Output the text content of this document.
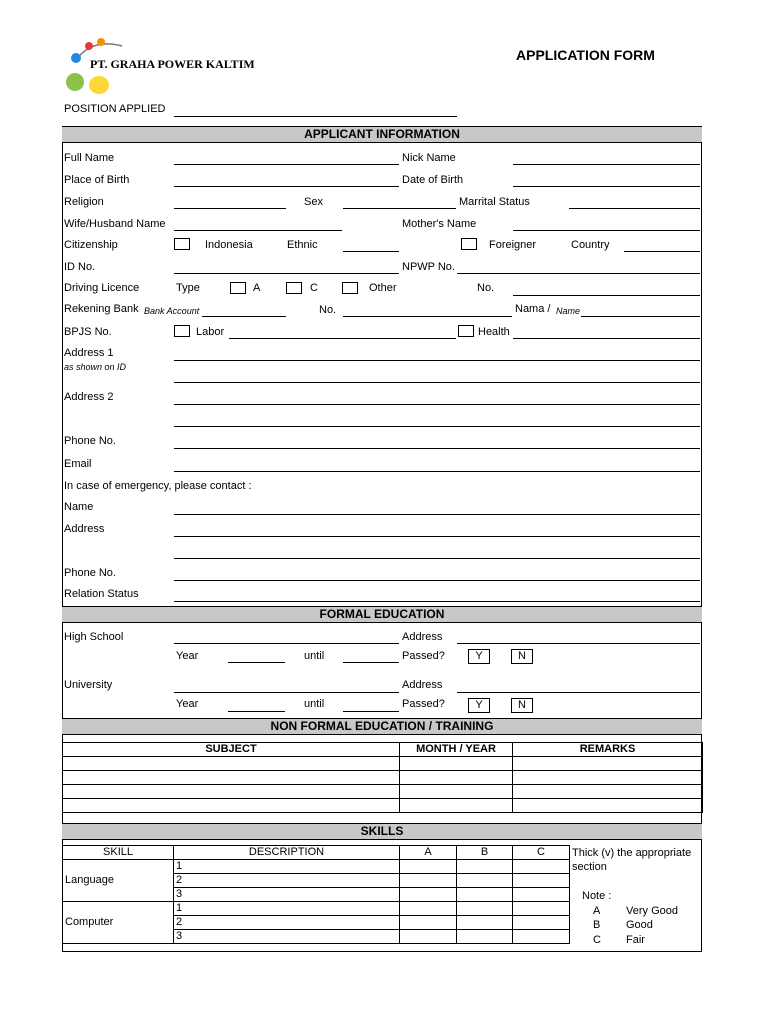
PT. GRAHA POWER KALTIM
APPLICATION FORM
POSITION APPLIED
APPLICANT INFORMATION
Full Name	Nick Name
Place of Birth	Date of Birth
Religion	Sex	Marrital Status
Wife/Husband Name	Mother's Name
Citizenship	Indonesia	Ethnic	Foreigner	Country
ID No.	NPWP No.
Driving Licence	Type	A	C	Other	No.
Rekening Bank Bank Account	No.	Nama / Name
BPJS No.	Labor	Health
Address 1
as shown on ID
Address 2
Phone No.
Email
In case of emergency, please contact :
Name
Address
Phone No.
Relation Status
FORMAL EDUCATION
High School	Address
Year	until	Passed?	Y	N
University	Address
Year	until	Passed?	Y	N
NON FORMAL EDUCATION / TRAINING
SUBJECT	MONTH / YEAR	REMARKS

SKILLS
SKILL	DESCRIPTION	A	B	C
Language	1			
	2			
	3			
Computer	1			
	2			
	3			
Thick (v) the appropriate section
Note :
A Very Good
B Good
C Fair
